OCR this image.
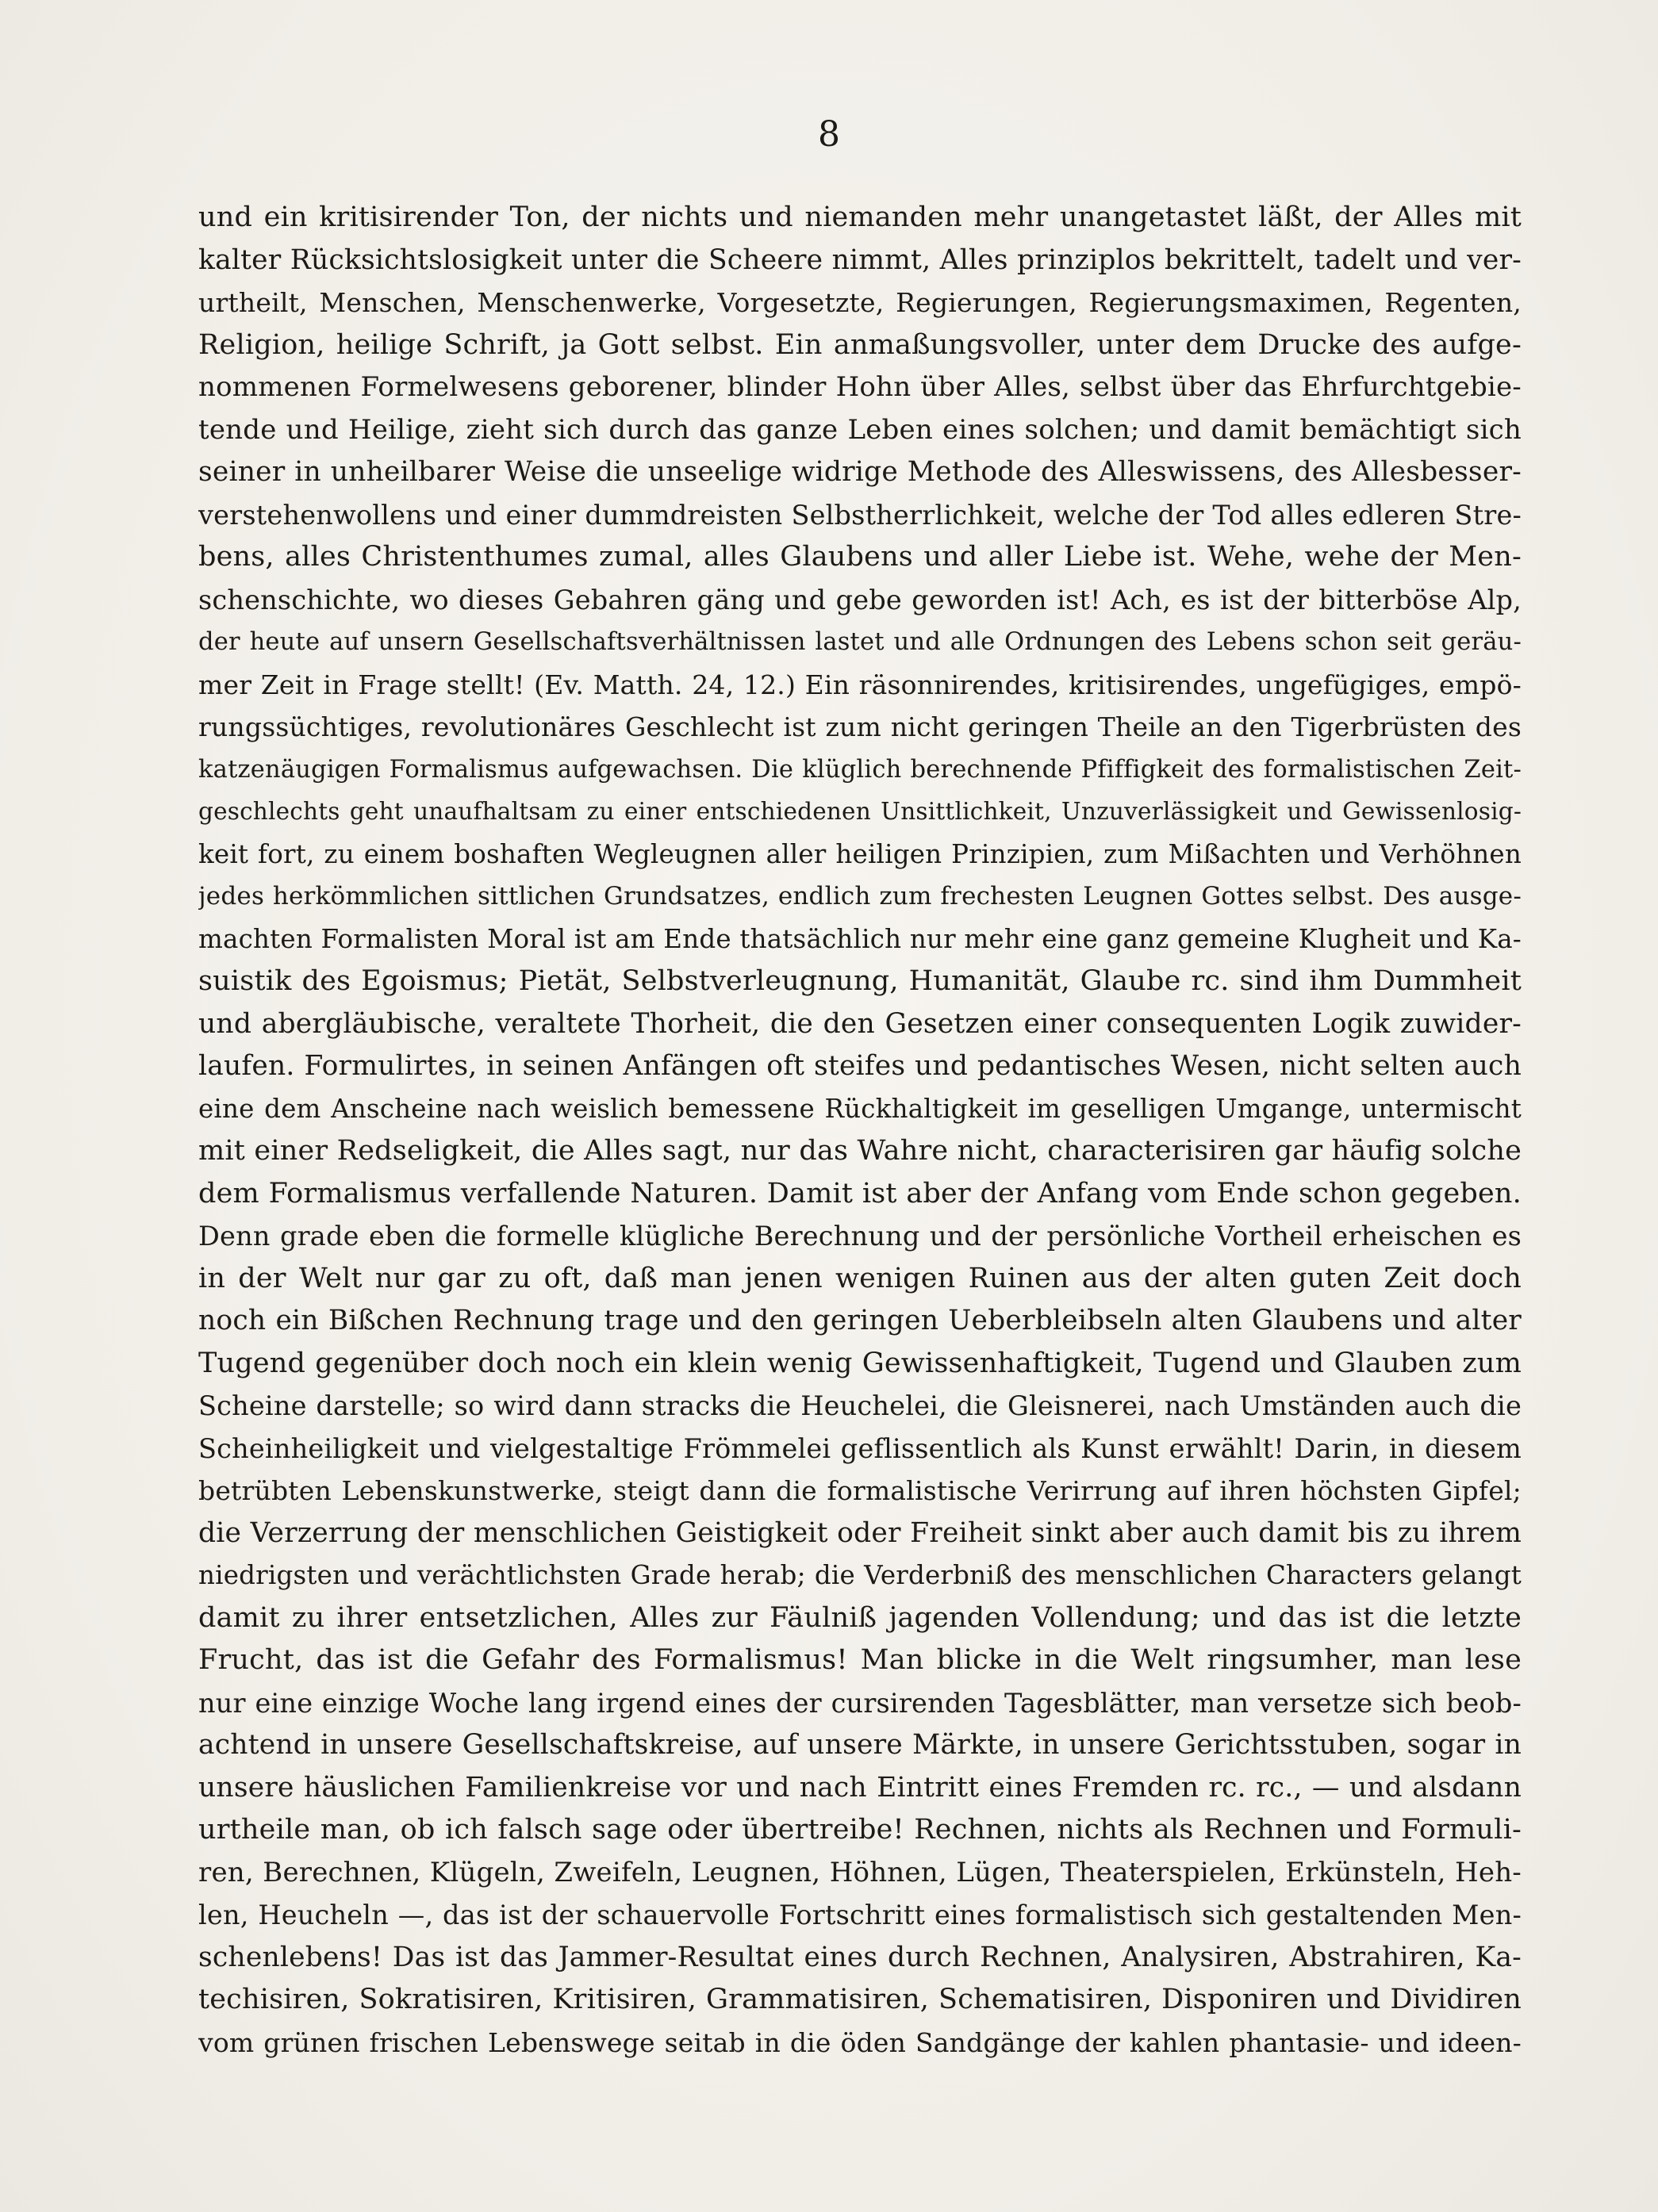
8
und ein kritisirender Ton, der nichts und niemanden mehr unangetastet läßt, der Alles mit
kalter Rücksichtslosigkeit unter die Scheere nimmt, Alles prinziplos bekrittelt, tadelt und ver-
urtheilt, Menschen, Menschenwerke, Vorgesetzte, Regierungen, Regierungsmaximen, Regenten,
Religion, heilige Schrift, ja Gott selbst. Ein anmaßungsvoller, unter dem Drucke des aufge-
nommenen Formelwesens geborener, blinder Hohn über Alles, selbst über das Ehrfurchtgebie-
tende und Heilige, zieht sich durch das ganze Leben eines solchen; und damit bemächtigt sich
seiner in unheilbarer Weise die unseelige widrige Methode des Alleswissens, des Allesbesser-
verstehenwollens und einer dummdreisten Selbstherrlichkeit, welche der Tod alles edleren Stre-
bens, alles Christenthumes zumal, alles Glaubens und aller Liebe ist. Wehe, wehe der Men-
schenschichte, wo dieses Gebahren gäng und gebe geworden ist! Ach, es ist der bitterböse Alp,
der heute auf unsern Gesellschaftsverhältnissen lastet und alle Ordnungen des Lebens schon seit geräu-
mer Zeit in Frage stellt! (Ev. Matth. 24, 12.) Ein räsonnirendes, kritisirendes, ungefügiges, empö-
rungssüchtiges, revolutionäres Geschlecht ist zum nicht geringen Theile an den Tigerbrüsten des
katzenäugigen Formalismus aufgewachsen. Die klüglich berechnende Pfiffigkeit des formalistischen Zeit-
geschlechts geht unaufhaltsam zu einer entschiedenen Unsittlichkeit, Unzuverlässigkeit und Gewissenlosig-
keit fort, zu einem boshaften Wegleugnen aller heiligen Prinzipien, zum Mißachten und Verhöhnen
jedes herkömmlichen sittlichen Grundsatzes, endlich zum frechesten Leugnen Gottes selbst. Des ausge-
machten Formalisten Moral ist am Ende thatsächlich nur mehr eine ganz gemeine Klugheit und Ka-
suistik des Egoismus; Pietät, Selbstverleugnung, Humanität, Glaube rc. sind ihm Dummheit
und abergläubische, veraltete Thorheit, die den Gesetzen einer consequenten Logik zuwider-
laufen. Formulirtes, in seinen Anfängen oft steifes und pedantisches Wesen, nicht selten auch
eine dem Anscheine nach weislich bemessene Rückhaltigkeit im geselligen Umgange, untermischt
mit einer Redseligkeit, die Alles sagt, nur das Wahre nicht, characterisiren gar häufig solche
dem Formalismus verfallende Naturen. Damit ist aber der Anfang vom Ende schon gegeben.
Denn grade eben die formelle klügliche Berechnung und der persönliche Vortheil erheischen es
in der Welt nur gar zu oft, daß man jenen wenigen Ruinen aus der alten guten Zeit doch
noch ein Bißchen Rechnung trage und den geringen Ueberbleibseln alten Glaubens und alter
Tugend gegenüber doch noch ein klein wenig Gewissenhaftigkeit, Tugend und Glauben zum
Scheine darstelle; so wird dann stracks die Heuchelei, die Gleisnerei, nach Umständen auch die
Scheinheiligkeit und vielgestaltige Frömmelei geflissentlich als Kunst erwählt! Darin, in diesem
betrübten Lebenskunstwerke, steigt dann die formalistische Verirrung auf ihren höchsten Gipfel;
die Verzerrung der menschlichen Geistigkeit oder Freiheit sinkt aber auch damit bis zu ihrem
niedrigsten und verächtlichsten Grade herab; die Verderbniß des menschlichen Characters gelangt
damit zu ihrer entsetzlichen, Alles zur Fäulniß jagenden Vollendung; und das ist die letzte
Frucht, das ist die Gefahr des Formalismus! Man blicke in die Welt ringsumher, man lese
nur eine einzige Woche lang irgend eines der cursirenden Tagesblätter, man versetze sich beob-
achtend in unsere Gesellschaftskreise, auf unsere Märkte, in unsere Gerichtsstuben, sogar in
unsere häuslichen Familienkreise vor und nach Eintritt eines Fremden rc. rc., — und alsdann
urtheile man, ob ich falsch sage oder übertreibe! Rechnen, nichts als Rechnen und Formuli-
ren, Berechnen, Klügeln, Zweifeln, Leugnen, Höhnen, Lügen, Theaterspielen, Erkünsteln, Heh-
len, Heucheln —, das ist der schauervolle Fortschritt eines formalistisch sich gestaltenden Men-
schenlebens! Das ist das Jammer-Resultat eines durch Rechnen, Analysiren, Abstrahiren, Ka-
techisiren, Sokratisiren, Kritisiren, Grammatisiren, Schematisiren, Disponiren und Dividiren
vom grünen frischen Lebenswege seitab in die öden Sandgänge der kahlen phantasie- und ideen-
